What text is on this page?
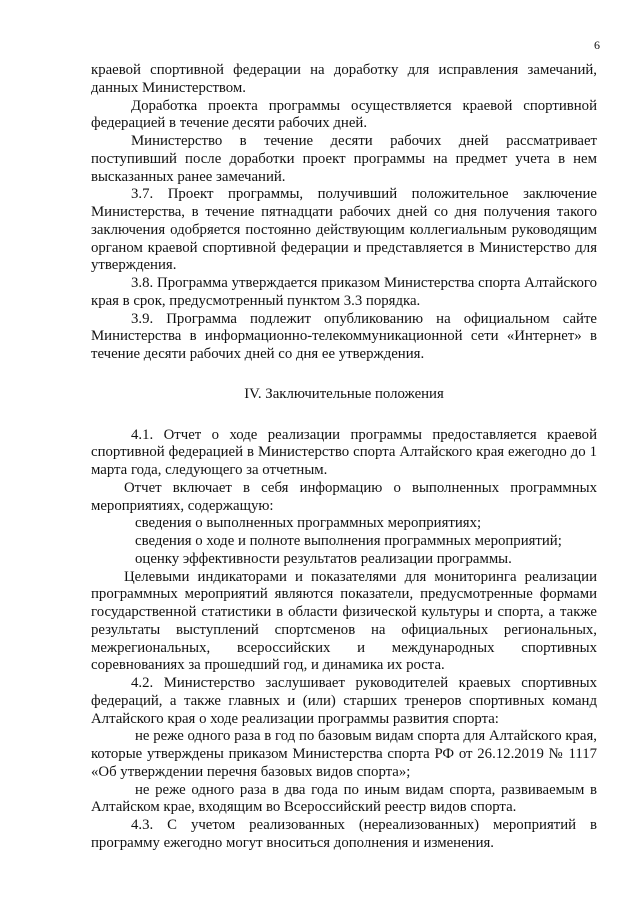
6

краевой спортивной федерации на доработку для исправления замечаний, данных Министерством.

Доработка проекта программы осуществляется краевой спортивной федерацией в течение десяти рабочих дней.

Министерство в течение десяти рабочих дней рассматривает поступивший после доработки проект программы на предмет учета в нем высказанных ранее замечаний.

3.7. Проект программы, получивший положительное заключение Министерства, в течение пятнадцати рабочих дней со дня получения такого заключения одобряется постоянно действующим коллегиальным руководящим органом краевой спортивной федерации и представляется в Министерство для утверждения.

3.8. Программа утверждается приказом Министерства спорта Алтайского края в срок, предусмотренный пунктом 3.3 порядка.

3.9. Программа подлежит опубликованию на официальном сайте Министерства в информационно-телекоммуникационной сети «Интернет» в течение десяти рабочих дней со дня ее утверждения.

IV. Заключительные положения

4.1. Отчет о ходе реализации программы предоставляется краевой спортивной федерацией в Министерство спорта Алтайского края ежегодно до 1 марта года, следующего за отчетным.

Отчет включает в себя информацию о выполненных программных мероприятиях, содержащую:

сведения о выполненных программных мероприятиях;

сведения о ходе и полноте выполнения программных мероприятий;

оценку эффективности результатов реализации программы.

Целевыми индикаторами и показателями для мониторинга реализации программных мероприятий являются показатели, предусмотренные формами государственной статистики в области физической культуры и спорта, а также результаты выступлений спортсменов на официальных региональных, межрегиональных, всероссийских и международных спортивных соревнованиях за прошедший год, и динамика их роста.

4.2. Министерство заслушивает руководителей краевых спортивных федераций, а также главных и (или) старших тренеров спортивных команд Алтайского края о ходе реализации программы развития спорта:

не реже одного раза в год по базовым видам спорта для Алтайского края, которые утверждены приказом Министерства спорта РФ от 26.12.2019 № 1117 «Об утверждении перечня базовых видов спорта»;

не реже одного раза в два года по иным видам спорта, развиваемым в Алтайском крае, входящим во Всероссийский реестр видов спорта.

4.3. С учетом реализованных (нереализованных) мероприятий в программу ежегодно могут вноситься дополнения и изменения.
